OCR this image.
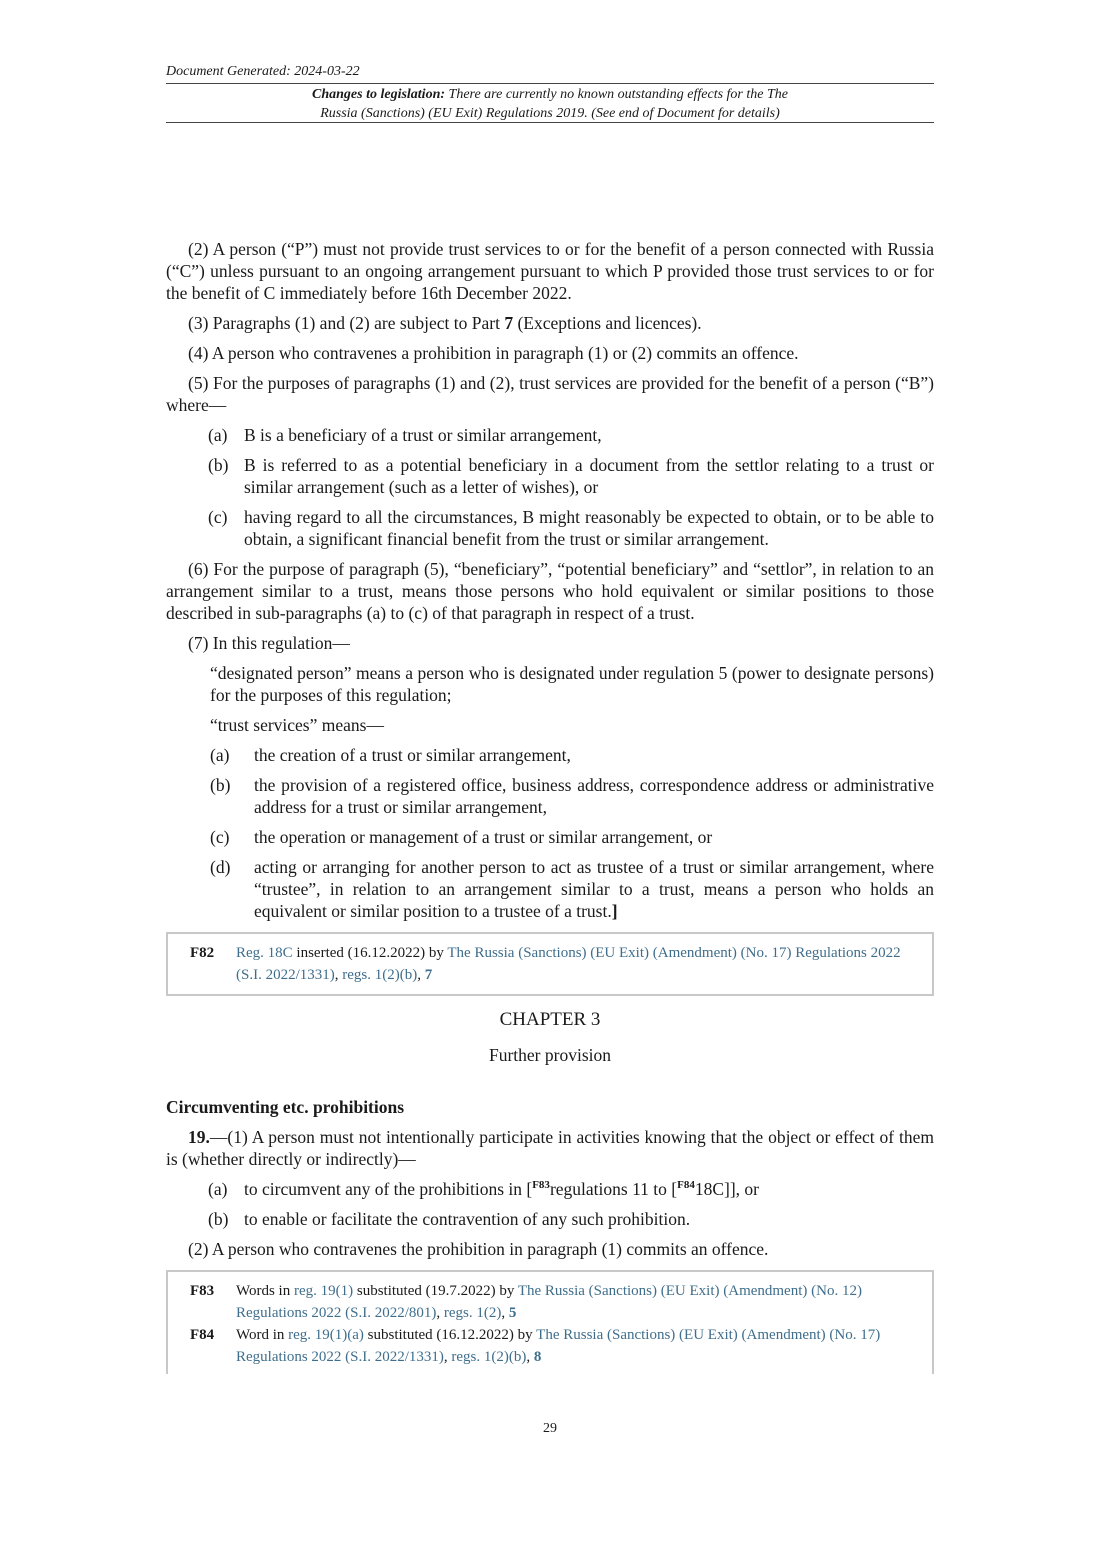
Document Generated: 2024-03-22
Changes to legislation: There are currently no known outstanding effects for the The
Russia (Sanctions) (EU Exit) Regulations 2019. (See end of Document for details)

(2) A person (“P”) must not provide trust services to or for the benefit of a person connected with Russia (“C”) unless pursuant to an ongoing arrangement pursuant to which P provided those trust services to or for the benefit of C immediately before 16th December 2022.

(3) Paragraphs (1) and (2) are subject to Part 7 (Exceptions and licences).

(4) A person who contravenes a prohibition in paragraph (1) or (2) commits an offence.

(5) For the purposes of paragraphs (1) and (2), trust services are provided for the benefit of a person (“B”) where—

(a) B is a beneficiary of a trust or similar arrangement,
(b) B is referred to as a potential beneficiary in a document from the settlor relating to a trust or similar arrangement (such as a letter of wishes), or
(c) having regard to all the circumstances, B might reasonably be expected to obtain, or to be able to obtain, a significant financial benefit from the trust or similar arrangement.

(6) For the purpose of paragraph (5), “beneficiary”, “potential beneficiary” and “settlor”, in relation to an arrangement similar to a trust, means those persons who hold equivalent or similar positions to those described in sub-paragraphs (a) to (c) of that paragraph in respect of a trust.

(7) In this regulation—

“designated person” means a person who is designated under regulation 5 (power to designate persons) for the purposes of this regulation;

“trust services” means—

(a)	the creation of a trust or similar arrangement,
(b)	the provision of a registered office, business address, correspondence address or administrative address for a trust or similar arrangement,
(c)	the operation or management of a trust or similar arrangement, or
(d)	acting or arranging for another person to act as trustee of a trust or similar arrangement, where “trustee”, in relation to an arrangement similar to a trust, means a person who holds an equivalent or similar position to a trustee of a trust.]
F82	Reg. 18C inserted (16.12.2022) by The Russia (Sanctions) (EU Exit) (Amendment) (No. 17) Regulations 2022 (S.I. 2022/1331), regs. 1(2)(b), 7
CHAPTER 3
Further provision
Circumventing etc. prohibitions

19.—(1) A person must not intentionally participate in activities knowing that the object or effect of them is (whether directly or indirectly)—

(a) to circumvent any of the prohibitions in [$^{F83}$regulations 11 to [$^{F84}$18C]], or
(b) to enable or facilitate the contravention of any such prohibition.

(2) A person who contravenes the prohibition in paragraph (1) commits an offence.

F83	Words in reg. 19(1) substituted (19.7.2022) by The Russia (Sanctions) (EU Exit) (Amendment) (No. 12) Regulations 2022 (S.I. 2022/801), regs. 1(2), 5
F84	Word in reg. 19(1)(a) substituted (16.12.2022) by The Russia (Sanctions) (EU Exit) (Amendment) (No. 17) Regulations 2022 (S.I. 2022/1331), regs. 1(2)(b), 8
29
